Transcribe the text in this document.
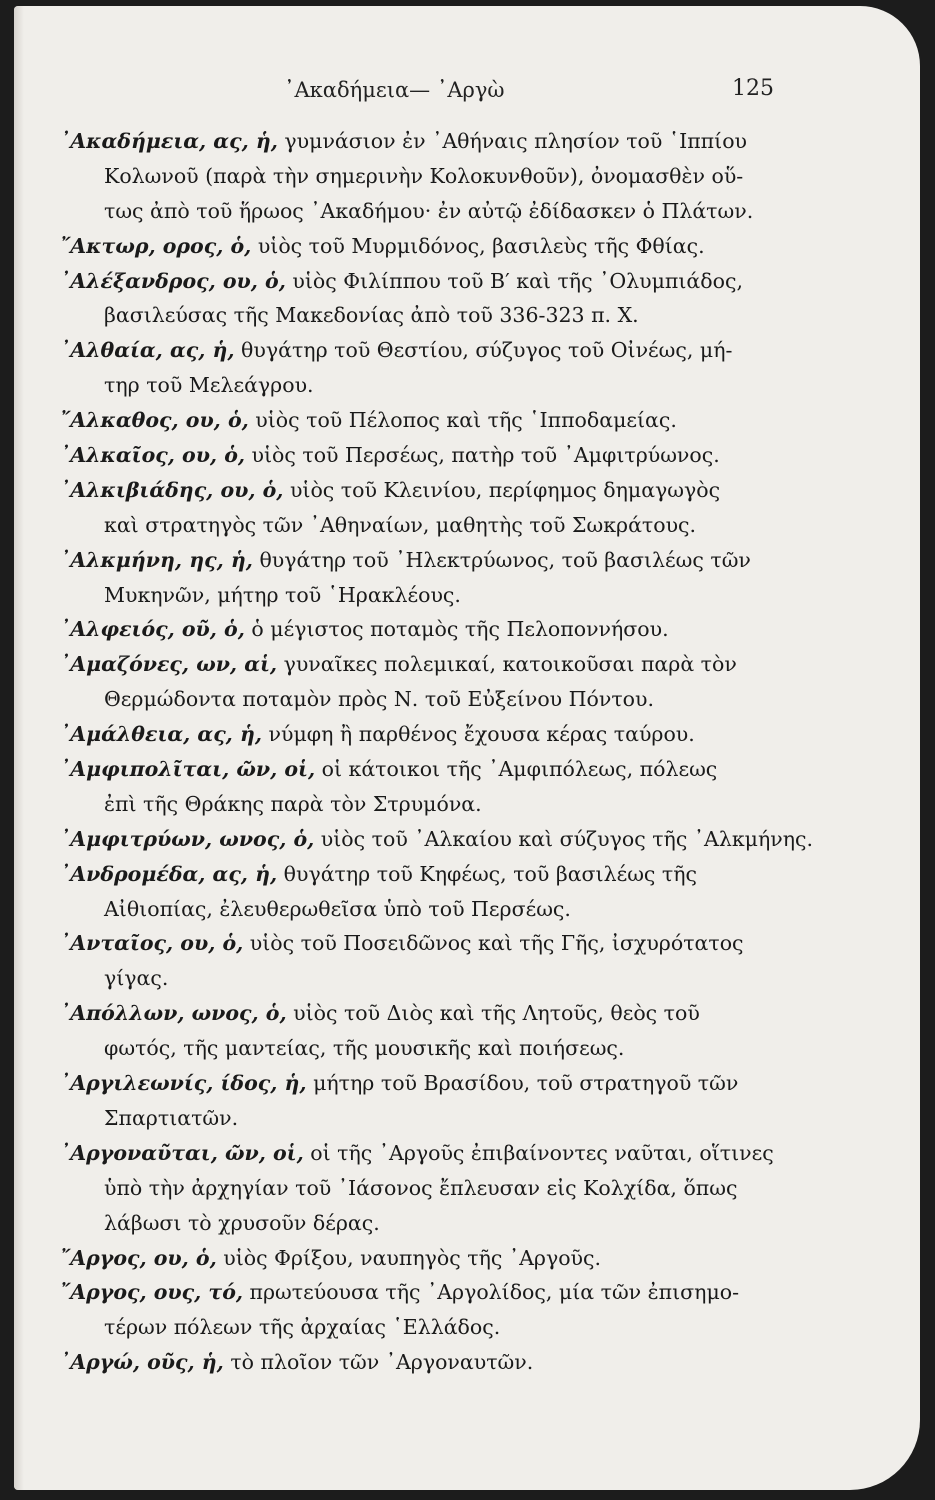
᾿Ακαδήμεια— ᾿Αργὼ	125
᾿Ακαδήμεια, ας, ἡ, γυμνάσιον ἐν ᾿Αθήναις πλησίον τοῦ ῾Ιππίου
Κολωνοῦ (παρὰ τὴν σημερινὴν Κολοκυνθοῦν), ὀνομασθὲν οὕ-
τως ἀπὸ τοῦ ἥρωος ᾿Ακαδήμου· ἐν αὐτῷ ἐδίδασκεν ὁ Πλάτων.
῎Ακτωρ, ορος, ὁ, υἱὸς τοῦ Μυρμιδόνος, βασιλεὺς τῆς Φθίας.
᾿Αλέξανδρος, ου, ὁ, υἱὸς Φιλίππου τοῦ Β′ καὶ τῆς ᾿Ολυμπιάδος,
βασιλεύσας τῆς Μακεδονίας ἀπὸ τοῦ 336-323 π. Χ.
᾿Αλθαία, ας, ἡ, θυγάτηρ τοῦ Θεστίου, σύζυγος τοῦ Οἰνέως, μή-
τηρ τοῦ Μελεάγρου.
῎Αλκαθος, ου, ὁ, υἱὸς τοῦ Πέλοπος καὶ τῆς ῾Ιπποδαμείας.
᾿Αλκαῖος, ου, ὁ, υἱὸς τοῦ Περσέως, πατὴρ τοῦ ᾿Αμφιτρύωνος.
᾿Αλκιβιάδης, ου, ὁ, υἱὸς τοῦ Κλεινίου, περίφημος δημαγωγὸς
καὶ στρατηγὸς τῶν ᾿Αθηναίων, μαθητὴς τοῦ Σωκράτους.
᾿Αλκμήνη, ης, ἡ, θυγάτηρ τοῦ ᾿Ηλεκτρύωνος, τοῦ βασιλέως τῶν
Μυκηνῶν, μήτηρ τοῦ ῾Ηρακλέους.
᾿Αλφειός, οῦ, ὁ, ὁ μέγιστος ποταμὸς τῆς Πελοποννήσου.
᾿Αμαζόνες, ων, αἱ, γυναῖκες πολεμικαί, κατοικοῦσαι παρὰ τὸν
Θερμώδοντα ποταμὸν πρὸς Ν. τοῦ Εὐξείνου Πόντου.
᾿Αμάλθεια, ας, ἡ, νύμφη ἢ παρθένος ἔχουσα κέρας ταύρου.
᾿Αμφιπολῖται, ῶν, οἱ, οἱ κάτοικοι τῆς ᾿Αμφιπόλεως, πόλεως
ἐπὶ τῆς Θράκης παρὰ τὸν Στρυμόνα.
᾿Αμφιτρύων, ωνος, ὁ, υἱὸς τοῦ ᾿Αλκαίου καὶ σύζυγος τῆς ᾿Αλκμήνης.
᾿Ανδρομέδα, ας, ἡ, θυγάτηρ τοῦ Κηφέως, τοῦ βασιλέως τῆς
Αἰθιοπίας, ἐλευθερωθεῖσα ὑπὸ τοῦ Περσέως.
᾿Ανταῖος, ου, ὁ, υἱὸς τοῦ Ποσειδῶνος καὶ τῆς Γῆς, ἰσχυρότατος
γίγας.
᾿Απόλλων, ωνος, ὁ, υἱὸς τοῦ Διὸς καὶ τῆς Λητοῦς, θεὸς τοῦ
φωτός, τῆς μαντείας, τῆς μουσικῆς καὶ ποιήσεως.
᾿Αργιλεωνίς, ίδος, ἡ, μήτηρ τοῦ Βρασίδου, τοῦ στρατηγοῦ τῶν
Σπαρτιατῶν.
᾿Αργοναῦται, ῶν, οἱ, οἱ τῆς ᾿Αργοῦς ἐπιβαίνοντες ναῦται, οἵτινες
ὑπὸ τὴν ἀρχηγίαν τοῦ ᾿Ιάσονος ἔπλευσαν εἰς Κολχίδα, ὅπως
λάβωσι τὸ χρυσοῦν δέρας.
῎Αργος, ου, ὁ, υἱὸς Φρίξου, ναυπηγὸς τῆς ᾿Αργοῦς.
῎Αργος, ους, τό, πρωτεύουσα τῆς ᾿Αργολίδος, μία τῶν ἐπισημο-
τέρων πόλεων τῆς ἀρχαίας ῾Ελλάδος.
᾿Αργώ, οῦς, ἡ, τὸ πλοῖον τῶν ᾿Αργοναυτῶν.
